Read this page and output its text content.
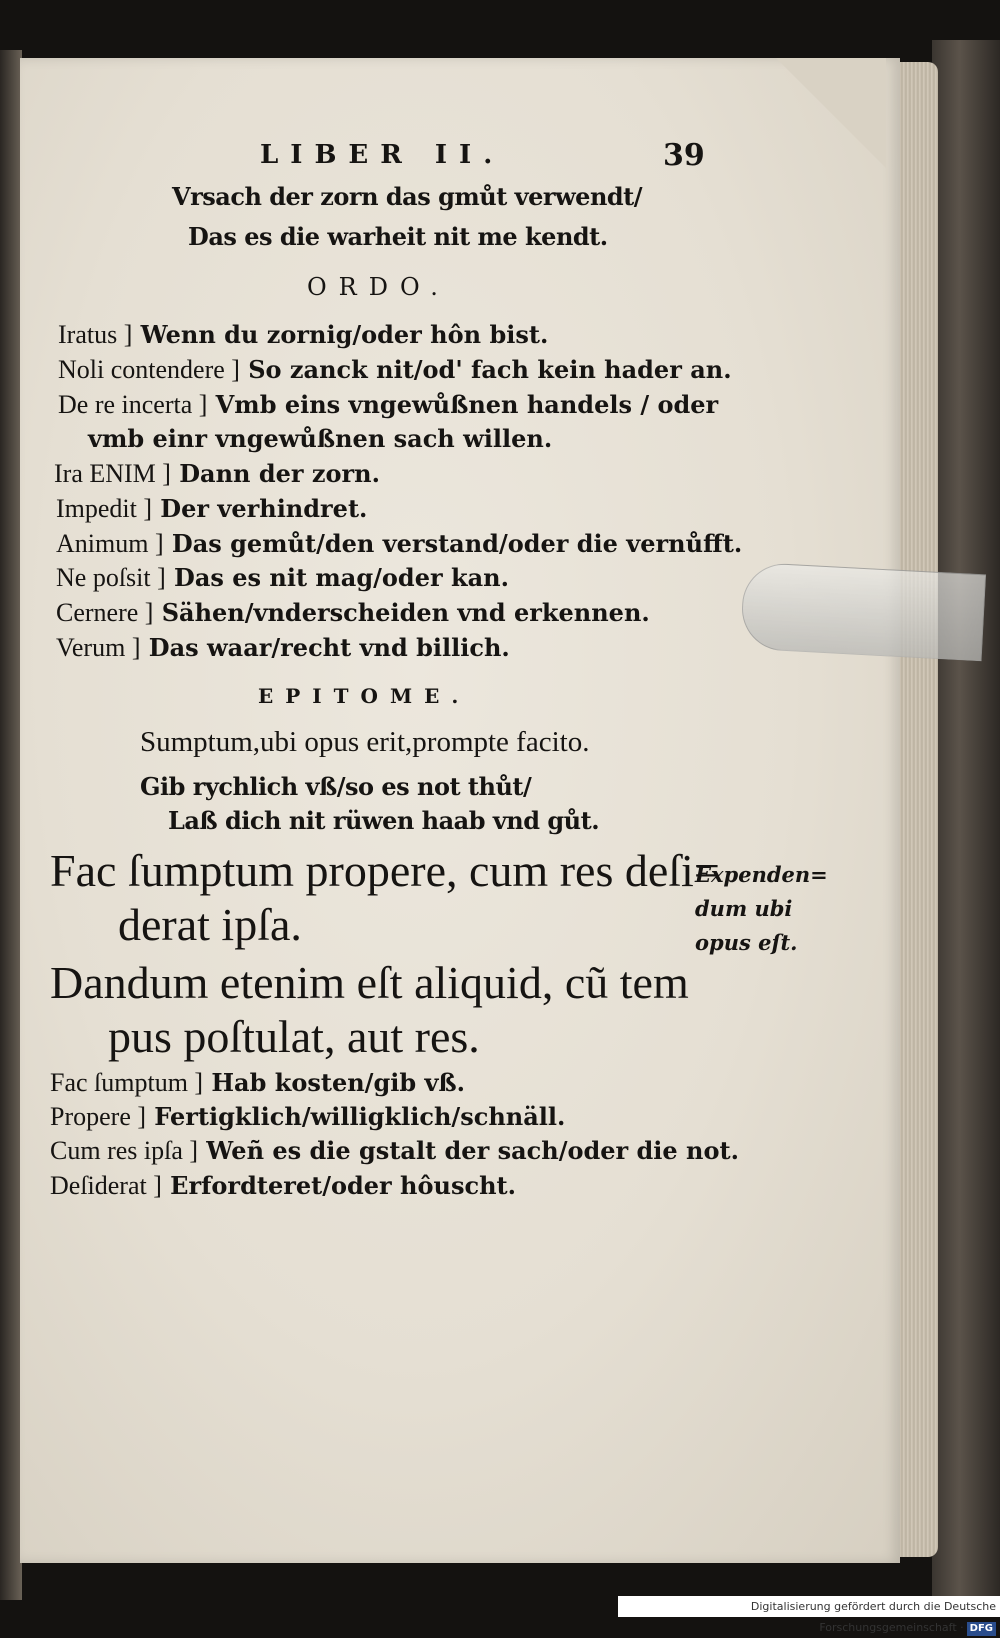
LIBER II.	39
Vrsach der zorn das gmůt verwendt/
Das es die warheit nit me kendt.
ORDO.
Iratus ] Wenn du zornig/oder hôn bist.
Noli contendere ] So zanck nit/od' fach kein hader an.
De re incerta ] Vmb eins vngewůßnen handels / oder
vmb einr vngewůßnen sach willen.
Ira ENIM ] Dann der zorn.
Impedit ] Der verhindret.
Animum ] Das gemůt/den verstand/oder die vernůfft.
Ne poſsit ] Das es nit mag/oder kan.
Cernere ] Sähen/vnderscheiden vnd erkennen.
Verum ] Das waar/recht vnd billich.
EPITOME.
Sumptum,ubi opus erit,prompte facito.
Gib rychlich vß/so es not thůt/
Laß dich nit rüwen haab vnd gůt.
Fac ſumptum propere, cum res deſi=
derat ipſa.
Dandum etenim eſt aliquid, cũ tem
pus poſtulat, aut res.
Expenden=
dum ubi
opus eſt.
Fac ſumptum ] Hab kosten/gib vß.
Propere ] Fertigklich/willigklich/schnäll.
Cum res ipſa ] Weñ es die gstalt der sach/oder die not.
Deſiderat ] Erfordteret/oder hôuscht.
Digitalisierung gefördert durch die Deutsche Forschungsgemeinschaft · DFG
